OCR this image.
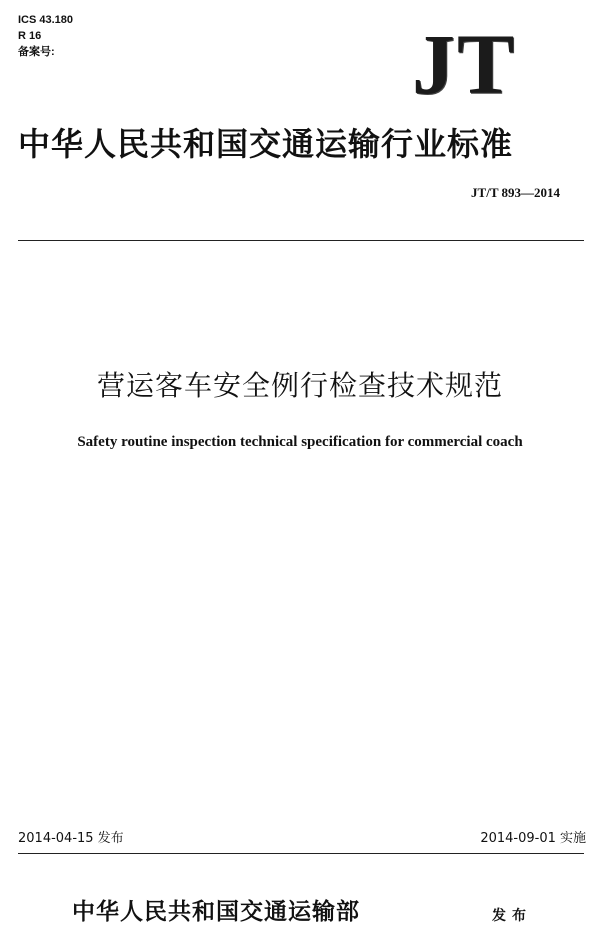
ICS 43.180
R 16
备案号:	JT
中华人民共和国交通运输行业标准
JT/T 893—2014
营运客车安全例行检查技术规范
Safety routine inspection technical specification for commercial coach
2014-04-15 发布	2014-09-01 实施
中华人民共和国交通运输部	发布
